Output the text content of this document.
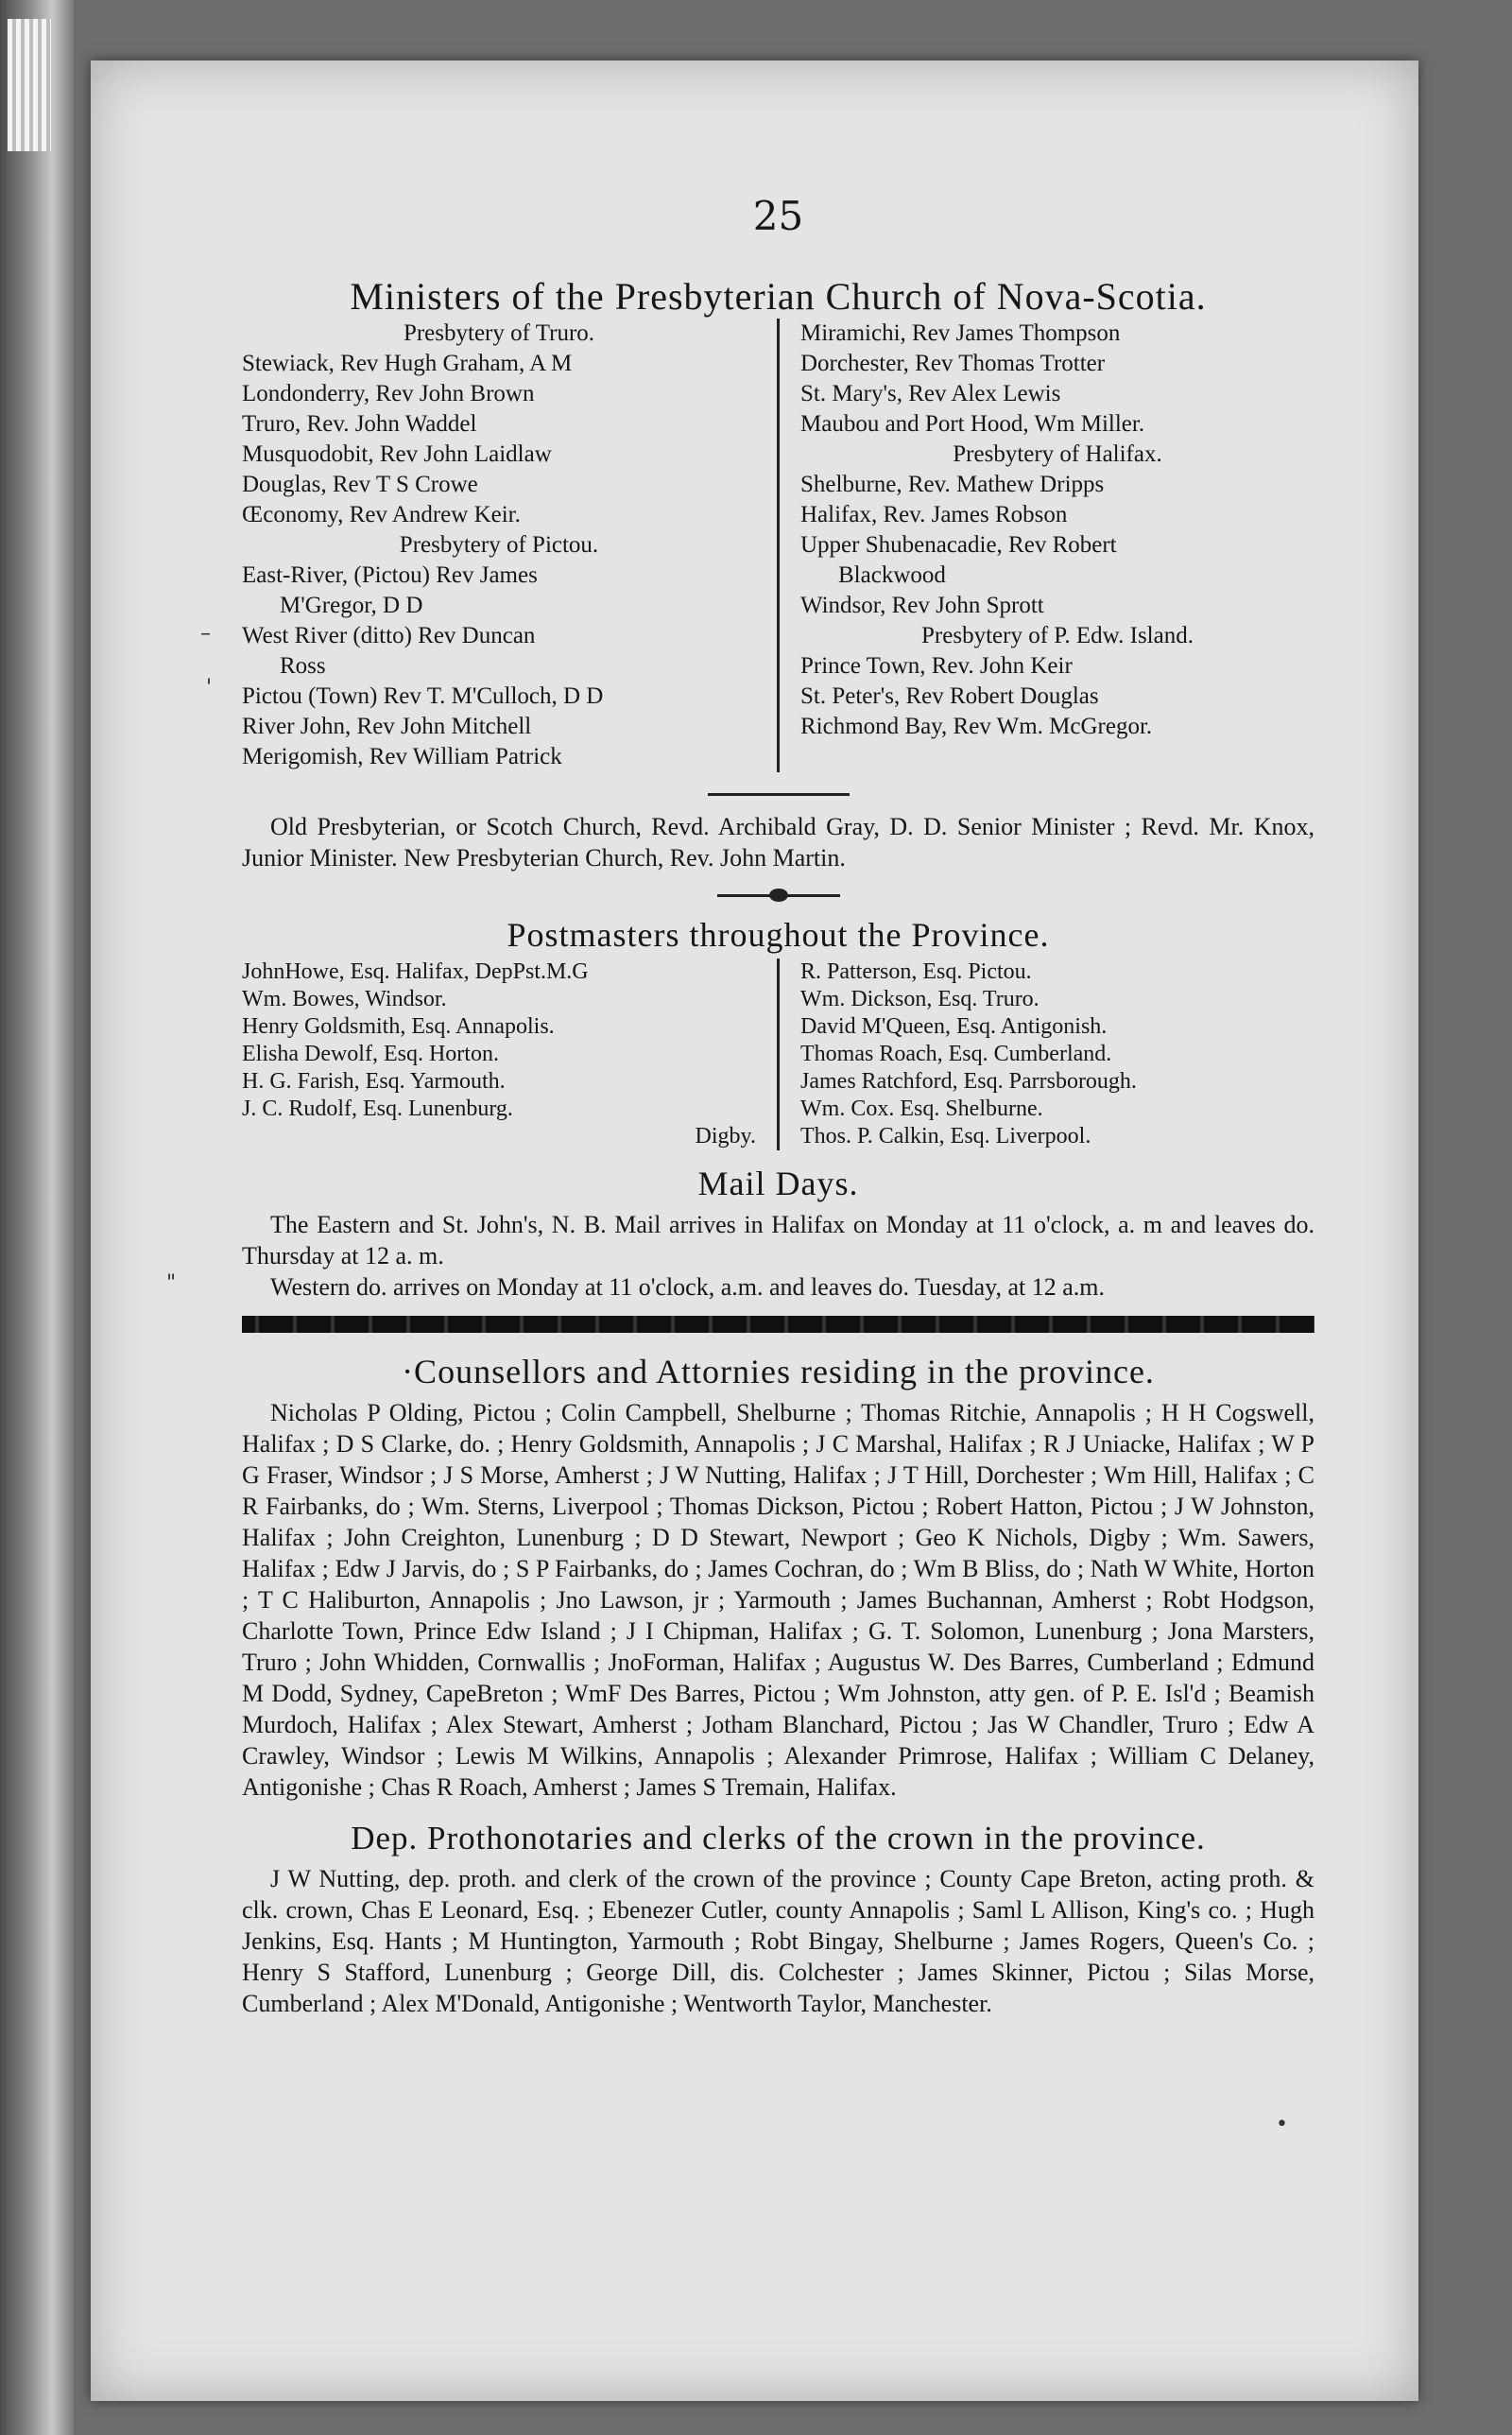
25
Ministers of the Presbyterian Church of Nova-Scotia.
Presbytery of Truro.
Stewiack, Rev Hugh Graham, A M
Londonderry, Rev John Brown
Truro, Rev. John Waddel
Musquodobit, Rev John Laidlaw
Douglas, Rev T S Crowe
Œconomy, Rev Andrew Keir.
Presbytery of Pictou.
East-River, (Pictou) Rev James
M'Gregor, D D
West River (ditto) Rev Duncan
Ross
Pictou (Town) Rev T. M'Culloch, D D
River John, Rev John Mitchell
Merigomish, Rev William Patrick
Miramichi, Rev James Thompson
Dorchester, Rev Thomas Trotter
St. Mary's, Rev Alex Lewis
Maubou and Port Hood, Wm Miller.
Presbytery of Halifax.
Shelburne, Rev. Mathew Dripps
Halifax, Rev. James Robson
Upper Shubenacadie, Rev Robert
Blackwood
Windsor, Rev John Sprott
Presbytery of P. Edw. Island.
Prince Town, Rev. John Keir
St. Peter's, Rev Robert Douglas
Richmond Bay, Rev Wm. McGregor.
Old Presbyterian, or Scotch Church, Revd. Archibald Gray, D. D. Senior Minister ; Revd. Mr. Knox, Junior Minister. New Presbyterian Church, Rev. John Martin.
Postmasters throughout the Province.
JohnHowe, Esq. Halifax, DepPst.M.G
Wm. Bowes, Windsor.
Henry Goldsmith, Esq. Annapolis.
Elisha Dewolf, Esq. Horton.
H. G. Farish, Esq. Yarmouth.
J. C. Rudolf, Esq. Lunenburg.
Digby.
R. Patterson, Esq. Pictou.
Wm. Dickson, Esq. Truro.
David M'Queen, Esq. Antigonish.
Thomas Roach, Esq. Cumberland.
James Ratchford, Esq. Parrsborough.
Wm. Cox. Esq. Shelburne.
Thos. P. Calkin, Esq. Liverpool.
Mail Days.
The Eastern and St. John's, N. B. Mail arrives in Halifax on Monday at 11 o'clock, a. m and leaves do. Thursday at 12 a. m.
Western do. arrives on Monday at 11 o'clock, a.m. and leaves do. Tuesday, at 12 a.m.
·Counsellors and Attornies residing in the province.
Nicholas P Olding, Pictou ; Colin Campbell, Shelburne ; Thomas Ritchie, Annapolis ; H H Cogswell, Halifax ; D S Clarke, do. ; Henry Goldsmith, Annapolis ; J C Marshal, Halifax ; R J Uniacke, Halifax ; W P G Fraser, Windsor ; J S Morse, Amherst ; J W Nutting, Halifax ; J T Hill, Dorchester ; Wm Hill, Halifax ; C R Fairbanks, do ; Wm. Sterns, Liverpool ; Thomas Dickson, Pictou ; Robert Hatton, Pictou ; J W Johnston, Halifax ; John Creighton, Lunenburg ; D D Stewart, Newport ; Geo K Nichols, Digby ; Wm. Sawers, Halifax ; Edw J Jarvis, do ; S P Fairbanks, do ; James Cochran, do ; Wm B Bliss, do ; Nath W White, Horton ; T C Haliburton, Annapolis ; Jno Lawson, jr ; Yarmouth ; James Buchannan, Amherst ; Robt Hodgson, Charlotte Town, Prince Edw Island ; J I Chipman, Halifax ; G. T. Solomon, Lunenburg ; Jona Marsters, Truro ; John Whidden, Cornwallis ; JnoForman, Halifax ; Augustus W. Des Barres, Cumberland ; Edmund M Dodd, Sydney, CapeBreton ; WmF Des Barres, Pictou ; Wm Johnston, atty gen. of P. E. Isl'd ; Beamish Murdoch, Halifax ; Alex Stewart, Amherst ; Jotham Blanchard, Pictou ; Jas W Chandler, Truro ; Edw A Crawley, Windsor ; Lewis M Wilkins, Annapolis ; Alexander Primrose, Halifax ; William C Delaney, Antigonishe ; Chas R Roach, Amherst ; James S Tremain, Halifax.
Dep. Prothonotaries and clerks of the crown in the province.
J W Nutting, dep. proth. and clerk of the crown of the province ; County Cape Breton, acting proth. & clk. crown, Chas E Leonard, Esq. ; Ebenezer Cutler, county Annapolis ; Saml L Allison, King's co. ; Hugh Jenkins, Esq. Hants ; M Huntington, Yarmouth ; Robt Bingay, Shelburne ; James Rogers, Queen's Co. ; Henry S Stafford, Lunenburg ; George Dill, dis. Colchester ; James Skinner, Pictou ; Silas Morse, Cumberland ; Alex M'Donald, Antigonishe ; Wentworth Taylor, Manchester.
–
'
"
•
